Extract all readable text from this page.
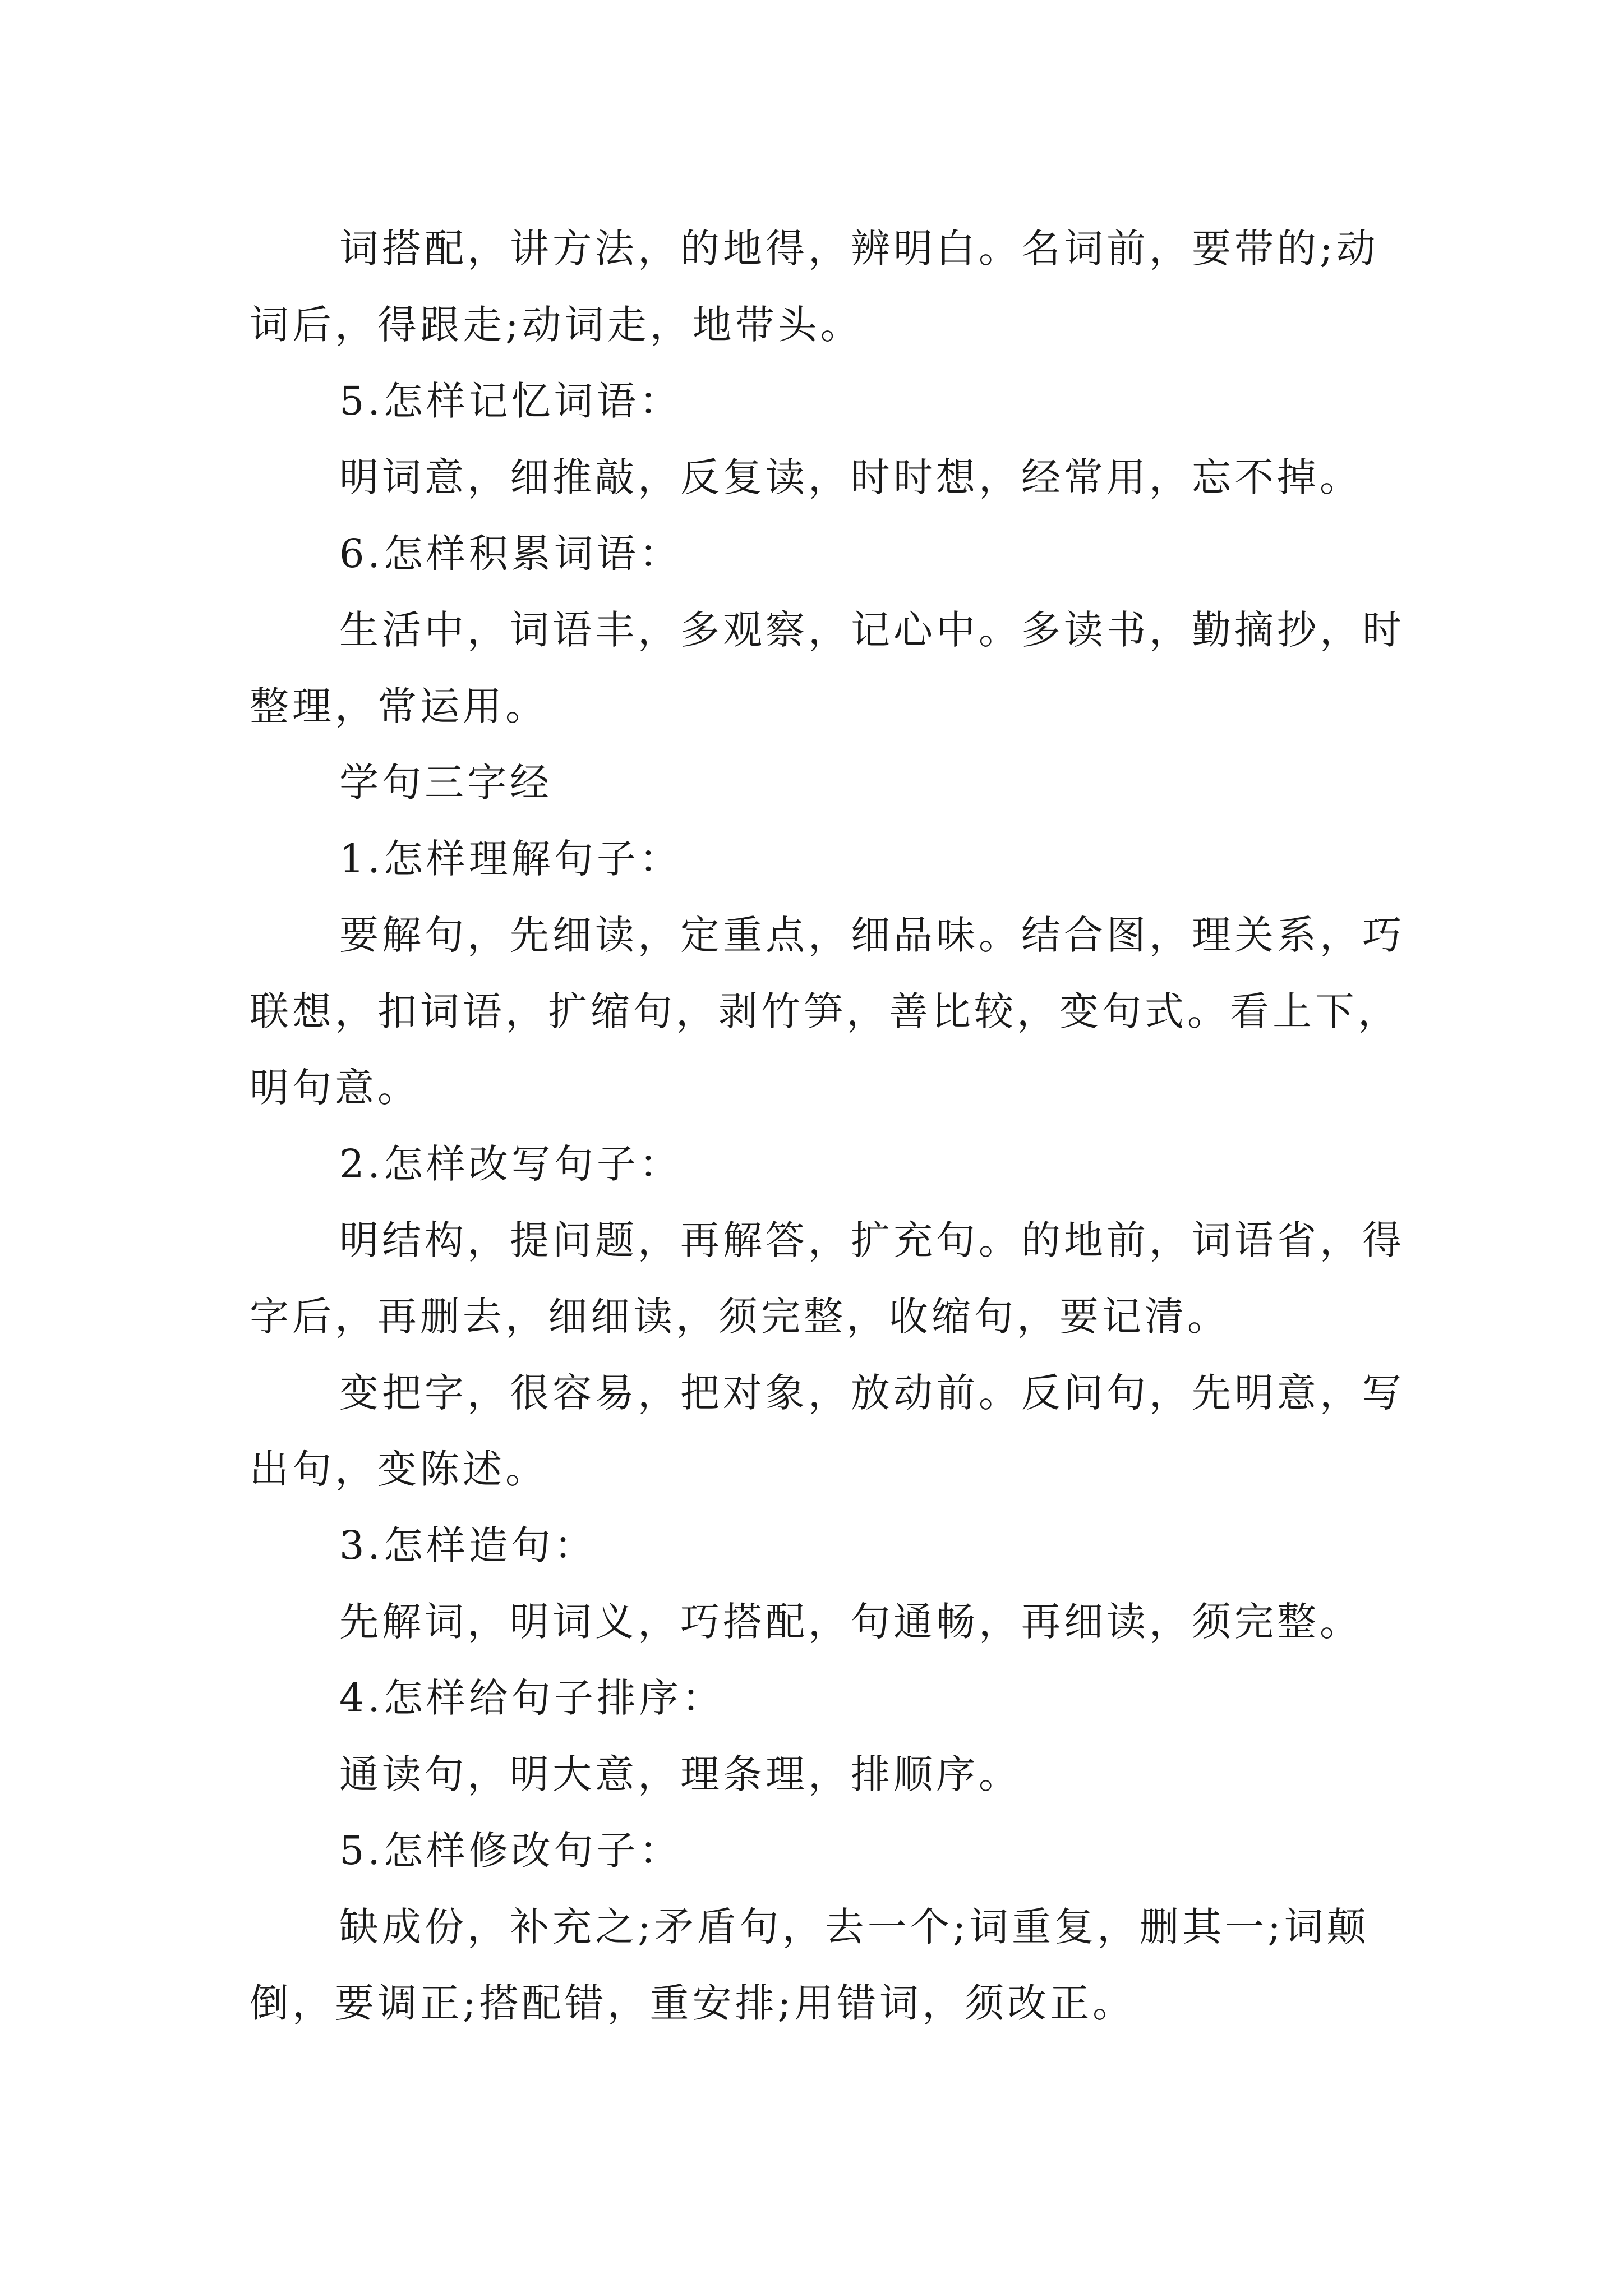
词搭配，讲方法，的地得，辨明白。名词前，要带的;动词后，得跟走;动词走，地带头。

5.怎样记忆词语：

明词意，细推敲，反复读，时时想，经常用，忘不掉。

6.怎样积累词语：

生活中，词语丰，多观察，记心中。多读书，勤摘抄，时整理，常运用。

学句三字经

1.怎样理解句子：

要解句，先细读，定重点，细品味。结合图，理关系，巧联想，扣词语，扩缩句，剥竹笋，善比较，变句式。看上下，明句意。

2.怎样改写句子：

明结构，提问题，再解答，扩充句。的地前，词语省，得字后，再删去，细细读，须完整，收缩句，要记清。

变把字，很容易，把对象，放动前。反问句，先明意，写出句，变陈述。

3.怎样造句：

先解词，明词义，巧搭配，句通畅，再细读，须完整。

4.怎样给句子排序：

通读句，明大意，理条理，排顺序。

5.怎样修改句子：

缺成份，补充之;矛盾句，去一个;词重复，删其一;词颠倒，要调正;搭配错，重安排;用错词，须改正。
